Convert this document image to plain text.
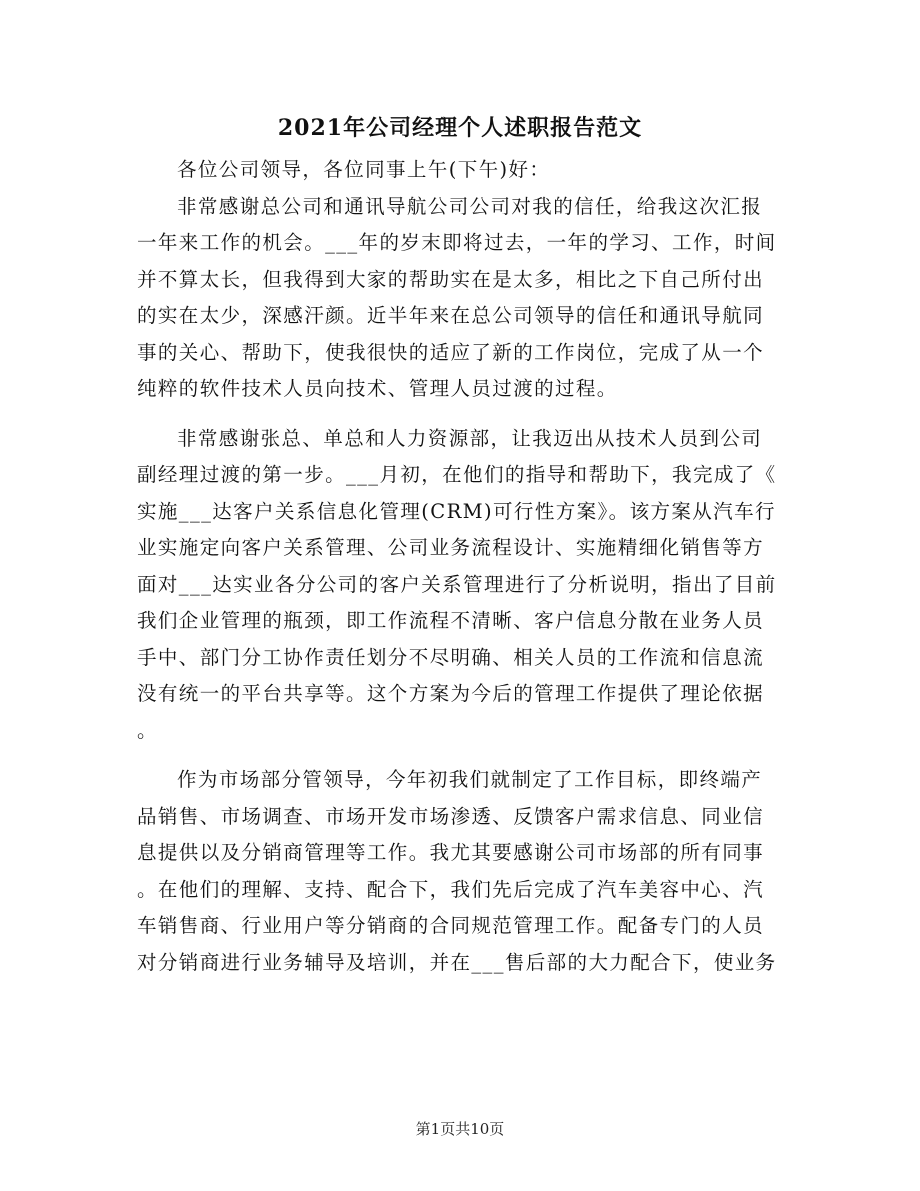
2021年公司经理个人述职报告范文
各位公司领导，各位同事上午(下午)好：
非常感谢总公司和通讯导航公司公司对我的信任，给我这次汇报
一年来工作的机会。___年的岁末即将过去，一年的学习、工作，时间
并不算太长，但我得到大家的帮助实在是太多，相比之下自己所付出
的实在太少，深感汗颜。近半年来在总公司领导的信任和通讯导航同
事的关心、帮助下，使我很快的适应了新的工作岗位，完成了从一个
纯粹的软件技术人员向技术、管理人员过渡的过程。
非常感谢张总、单总和人力资源部，让我迈出从技术人员到公司
副经理过渡的第一步。___月初，在他们的指导和帮助下，我完成了《
实施___达客户关系信息化管理(CRM)可行性方案》。该方案从汽车行
业实施定向客户关系管理、公司业务流程设计、实施精细化销售等方
面对___达实业各分公司的客户关系管理进行了分析说明，指出了目前
我们企业管理的瓶颈，即工作流程不清晰、客户信息分散在业务人员
手中、部门分工协作责任划分不尽明确、相关人员的工作流和信息流
没有统一的平台共享等。这个方案为今后的管理工作提供了理论依据
。
作为市场部分管领导，今年初我们就制定了工作目标，即终端产
品销售、市场调查、市场开发市场渗透、反馈客户需求信息、同业信
息提供以及分销商管理等工作。我尤其要感谢公司市场部的所有同事
。在他们的理解、支持、配合下，我们先后完成了汽车美容中心、汽
车销售商、行业用户等分销商的合同规范管理工作。配备专门的人员
对分销商进行业务辅导及培训，并在___售后部的大力配合下，使业务
第1页共10页
